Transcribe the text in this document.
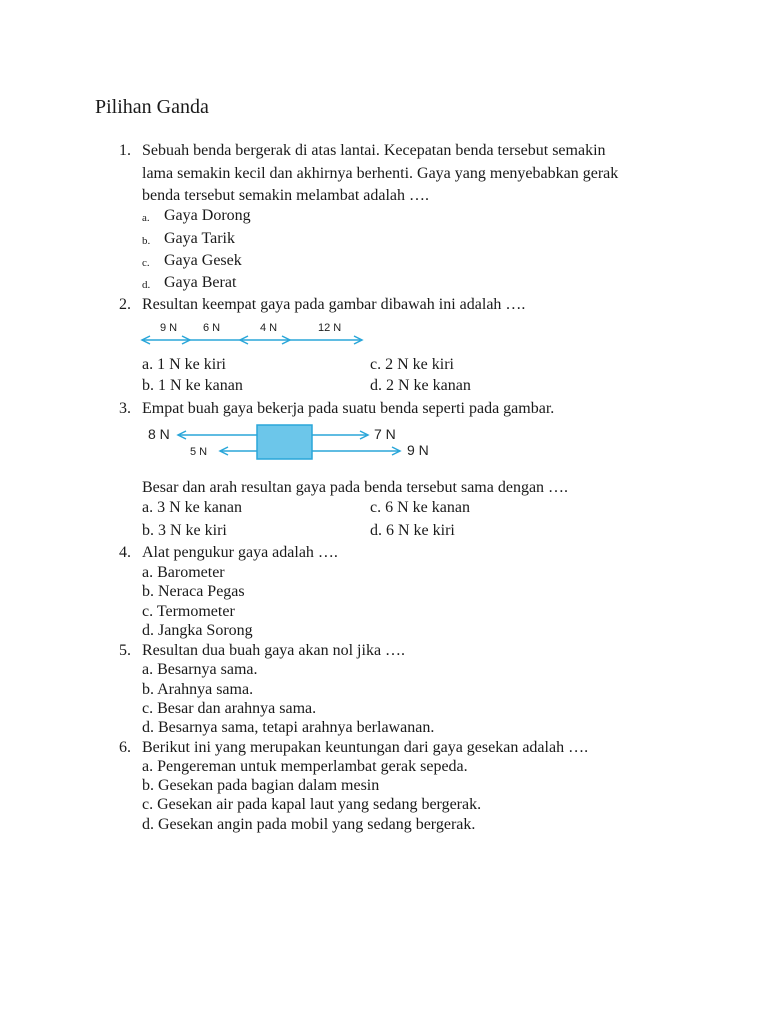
Pilihan Ganda
1. Sebuah benda bergerak di atas lantai. Kecepatan benda tersebut semakin
lama semakin kecil dan akhirnya berhenti. Gaya yang menyebabkan gerak
benda tersebut semakin melambat adalah ….
a. Gaya Dorong
b. Gaya Tarik
c. Gaya Gesek
d. Gaya Berat
2. Resultan keempat gaya pada gambar dibawah ini adalah ….
9 N 6 N	4 N	12 N
a. 1 N ke kiri	c. 2 N ke kiri
b. 1 N ke kanan	d. 2 N ke kanan
3. Empat buah gaya bekerja pada suatu benda seperti pada gambar.
8 N
5 N
7 N
9 N
Besar dan arah resultan gaya pada benda tersebut sama dengan ….
a. 3 N ke kanan	c. 6 N ke kanan
b. 3 N ke kiri	d. 6 N ke kiri
4. Alat pengukur gaya adalah ….
a. Barometer
b. Neraca Pegas
c. Termometer
d. Jangka Sorong
5. Resultan dua buah gaya akan nol jika ….
a. Besarnya sama.
b. Arahnya sama.
c. Besar dan arahnya sama.
d. Besarnya sama, tetapi arahnya berlawanan.
6. Berikut ini yang merupakan keuntungan dari gaya gesekan adalah ….
a. Pengereman untuk memperlambat gerak sepeda.
b. Gesekan pada bagian dalam mesin
c. Gesekan air pada kapal laut yang sedang bergerak.
d. Gesekan angin pada mobil yang sedang bergerak.
